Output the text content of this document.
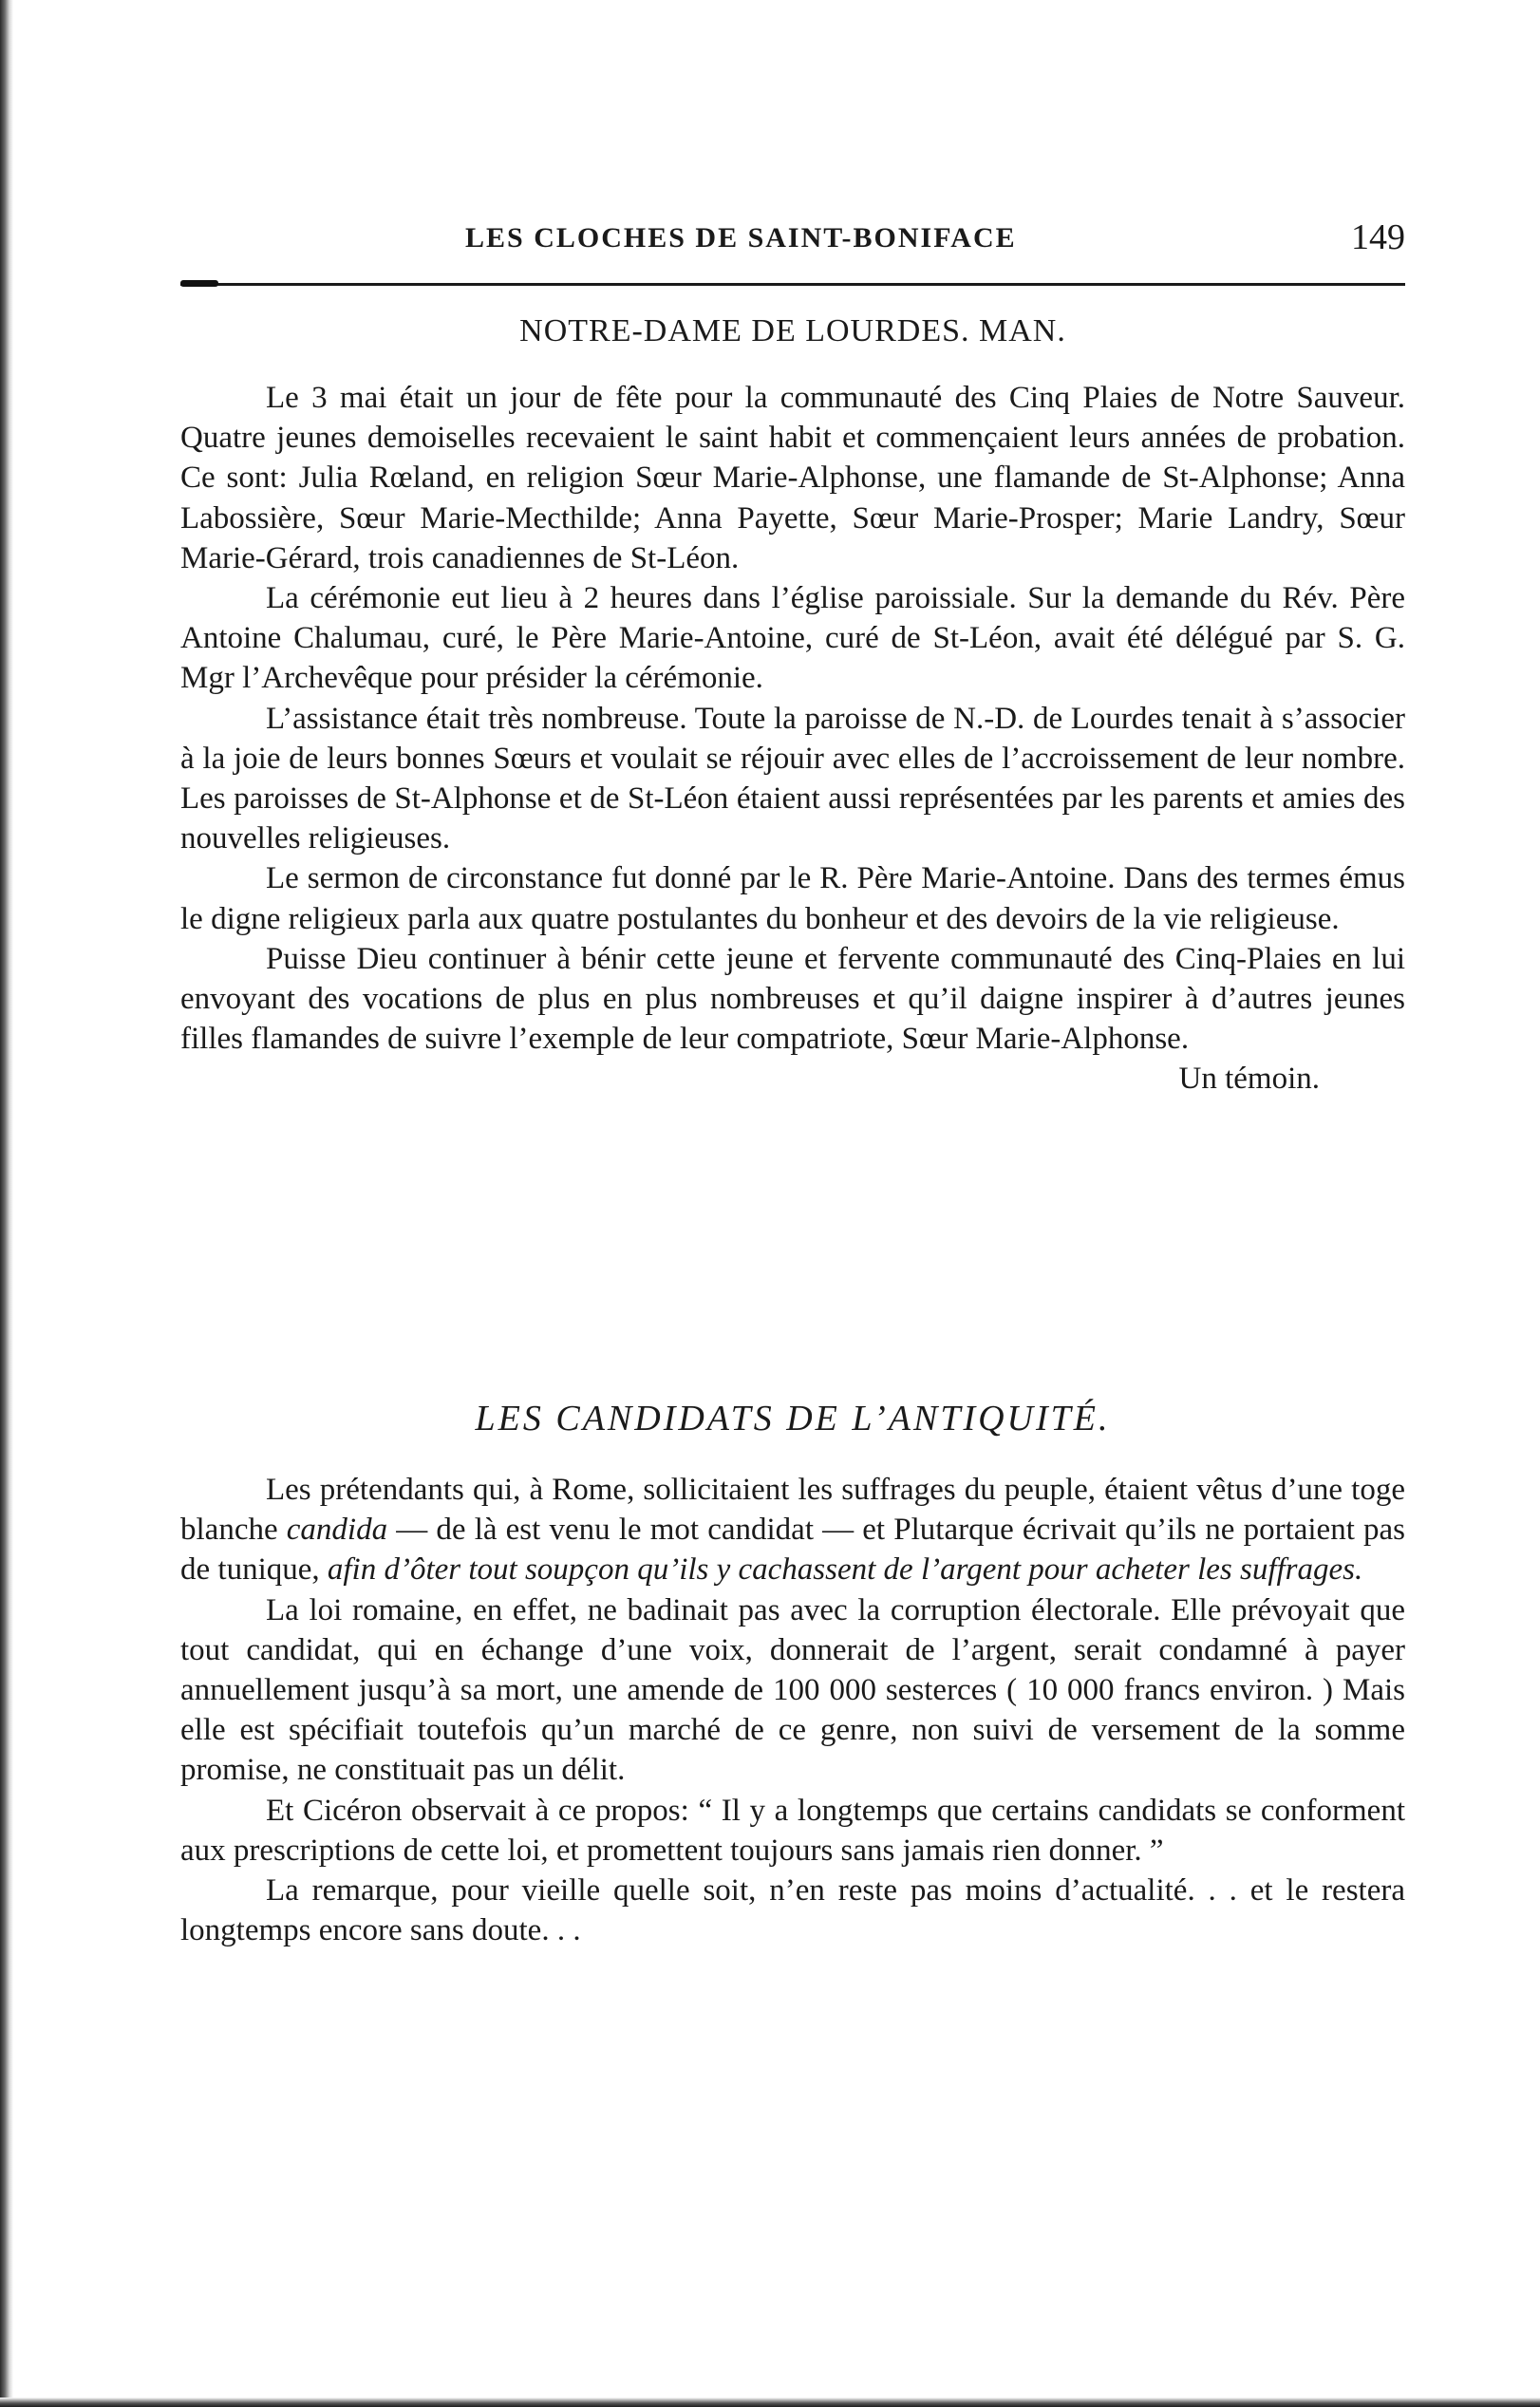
LES CLOCHES DE SAINT-BONIFACE	149
NOTRE-DAME DE LOURDES. MAN.

Le 3 mai était un jour de fête pour la communauté des Cinq Plaies de Notre Sauveur. Quatre jeunes demoiselles recevaient le saint habit et commençaient leurs années de probation. Ce sont: Julia Rœland, en religion Sœur Marie-Alphonse, une flamande de St-Alphonse; Anna Labossière, Sœur Marie-Mecthilde; Anna Payette, Sœur Marie-Prosper; Marie Landry, Sœur Marie-Gérard, trois canadiennes de St-Léon.

La cérémonie eut lieu à 2 heures dans l’église paroissiale. Sur la demande du Rév. Père Antoine Chalumau, curé, le Père Marie-Antoine, curé de St-Léon, avait été délégué par S. G. Mgr l’Archevêque pour présider la cérémonie.

L’assistance était très nombreuse. Toute la paroisse de N.-D. de Lourdes tenait à s’associer à la joie de leurs bonnes Sœurs et voulait se réjouir avec elles de l’accroissement de leur nombre. Les paroisses de St-Alphonse et de St-Léon étaient aussi représentées par les parents et amies des nouvelles religieuses.

Le sermon de circonstance fut donné par le R. Père Marie-Antoine. Dans des termes émus le digne religieux parla aux quatre postulantes du bonheur et des devoirs de la vie religieuse.

Puisse Dieu continuer à bénir cette jeune et fervente communauté des Cinq-Plaies en lui envoyant des vocations de plus en plus nombreuses et qu’il daigne inspirer à d’autres jeunes filles flamandes de suivre l’exemple de leur compatriote, Sœur Marie-Alphonse.

Un témoin.

LES CANDIDATS DE L’ANTIQUITÉ.

Les prétendants qui, à Rome, sollicitaient les suffrages du peuple, étaient vêtus d’une toge blanche candida — de là est venu le mot candidat — et Plutarque écrivait qu’ils ne portaient pas de tunique, afin d’ôter tout soupçon qu’ils y cachassent de l’argent pour acheter les suffrages.

La loi romaine, en effet, ne badinait pas avec la corruption électorale. Elle prévoyait que tout candidat, qui en échange d’une voix, donnerait de l’argent, serait condamné à payer annuellement jusqu’à sa mort, une amende de 100 000 sesterces ( 10 000 francs environ. ) Mais elle est spécifiait toutefois qu’un marché de ce genre, non suivi de versement de la somme promise, ne constituait pas un délit.

Et Cicéron observait à ce propos: “ Il y a longtemps que certains candidats se conforment aux prescriptions de cette loi, et promettent toujours sans jamais rien donner. ”

La remarque, pour vieille quelle soit, n’en reste pas moins d’actualité. . . et le restera longtemps encore sans doute. . .
